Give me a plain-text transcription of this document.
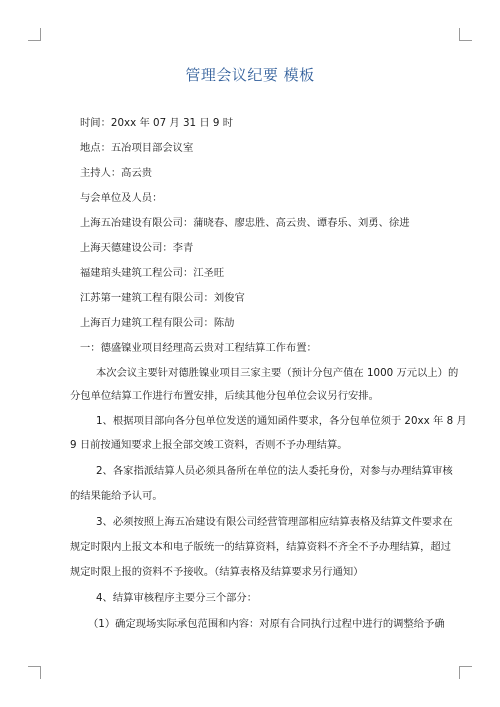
管理会议纪要 模板

时间：20xx 年 07 月 31 日 9 时

地点：五冶项目部会议室

主持人：高云贵

与会单位及人员：

上海五冶建设有限公司：蒲晓春、廖忠胜、高云贵、谭春乐、刘勇、徐进

上海天德建设公司：李青

福建琯头建筑工程公司：江圣旺

江苏第一建筑工程有限公司：刘俊官

上海百力建筑工程有限公司：陈劼

一：德盛镍业项目经理高云贵对工程结算工作布置：

本次会议主要针对德胜镍业项目三家主要（预计分包产值在 1000 万元以上）的

分包单位结算工作进行布置安排，后续其他分包单位会议另行安排。

1、根据项目部向各分包单位发送的通知函件要求，各分包单位须于 20xx 年 8 月

9 日前按通知要求上报全部交竣工资料，否则不予办理结算。

2、各家指派结算人员必须具备所在单位的法人委托身份，对参与办理结算审核

的结果能给予认可。

3、必须按照上海五冶建设有限公司经营管理部相应结算表格及结算文件要求在

规定时限内上报文本和电子版统一的结算资料，结算资料不齐全不予办理结算，超过

规定时限上报的资料不予接收。（结算表格及结算要求另行通知）

4、结算审核程序主要分三个部分：

（1）确定现场实际承包范围和内容：对原有合同执行过程中进行的调整给予确
